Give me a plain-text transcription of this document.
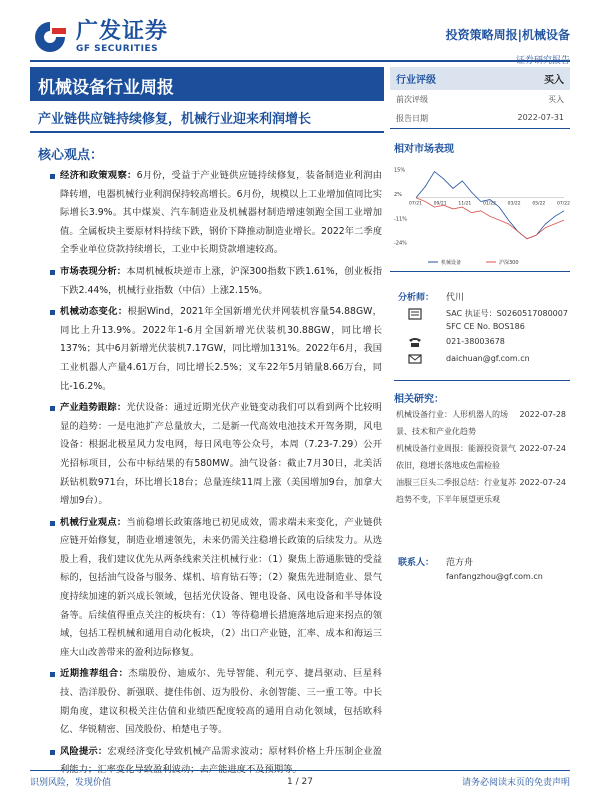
广发证券
GF SECURITIES
投资策略周报|机械设备
机械设备行业周报
产业链供应链持续修复，机械行业迎来利润增长
行业评级	买入
前次评级	买入
报告日期	2022-07-31
相对市场表现
15%
2%
-11%
-24%
07/21	09/21	11/21	01/22	03/22	05/22	07/22
机械设备	沪深300
核心观点：
经济和政策观察：6月份，受益于产业链供应链持续修复，装备制造业利润由降转增，电器机械行业利润保持较高增长。6月份，规模以上工业增加值同比实际增长3.9%。其中煤炭、汽车制造业及机械器材制造增速领跑全国工业增加值。全属板块主要原材料持续下跌，钢价下降推动制造业增长。2022年二季度全季业单位贷款持续增长，工业中长期贷款增速较高。
市场表现分析：本周机械板块逆市上涨，沪深300指数下跌1.61%，创业板指下跌2.44%，机械行业指数（中信）上涨2.15%。
机械动态变化：根据Wind，2021年全国新增光伏并网装机容量54.88GW，同比上升13.9%。2022年1-6月全国新增光伏装机30.88GW，同比增长137%；其中6月新增光伏装机7.17GW，同比增加131%。2022年6月，我国工业机器人产量4.61万台，同比增长2.5%；叉车22年5月销量8.66万台，同比-16.2%。
产业趋势跟踪：光伏设备：通过近期光伏产业链变动我们可以看到两个比较明显的趋势：一是电池扩产总量放大，二是新一代高效电池技术开驾务期，风电设备：根据北极星风力发电网，每日风电等公众号，本周（7.23-7.29）公开光招标项目，公布中标结果的有580MW。油气设备：截止7月30日，北美活跃钻机数971台，环比增长18台；总量连续11周上涨（美国增加9台，加拿大增加9台）。
机械行业观点：当前稳增长政策落地已初见成效，需求端未来变化，产业链供应链开始修复，制造业增速领先，未来仍需关注稳增长政策的后续发力。从选股上看，我们建议优先从两条线索关注机械行业：（1）聚焦上游通胀链的受益标的，包括油气设备与服务、煤机、培育钻石等；（2）聚焦先进制造业、景气度持续加速的新兴成长领域，包括光伏设备、锂电设备、风电设备和半导体设备等。后续值得重点关注的板块有：（1）等待稳增长措施落地后迎来拐点的领域，包括工程机械和通用自动化板块，（2）出口产业链，汇率、成本和海运三座大山改善带来的盈利边际修复。
近期推荐组合：杰瑞股份、迪威尔、先导智能、利元亨、捷昌驱动、巨星科技、浩洋股份、新强联、捷佳伟创、迈为股份、永创智能、三一重工等。中长期角度，建议积极关注估值和业绩匹配度较高的通用自动化领域，包括欧科亿、华锐精密、国茂股份、柏楚电子等。
风险提示：宏观经济变化导致机械产品需求波动；原材料价格上升压制企业盈利能力；汇率变化导致盈利波动；去产能进度不及预期等。
分析师： 代川
SAC 执证号：S0260517080007
SFC CE No. BOS186
021-38003678
daichuan@gf.com.cn
相关研究：
机械设备行业：人形机器人的场景、技术和产业化趋势
2022-07-28
机械设备行业周报：能源投资景气依旧，稳增长落地成色需检验
2022-07-24
油服三巨头二季报总结：行业复苏趋势不变，下半年展望更乐观
2022-07-24
联系人： 范方舟
fanfangzhou@gf.com.cn
识别风险，发现价值	1 / 27	请务必阅读末页的免责声明
